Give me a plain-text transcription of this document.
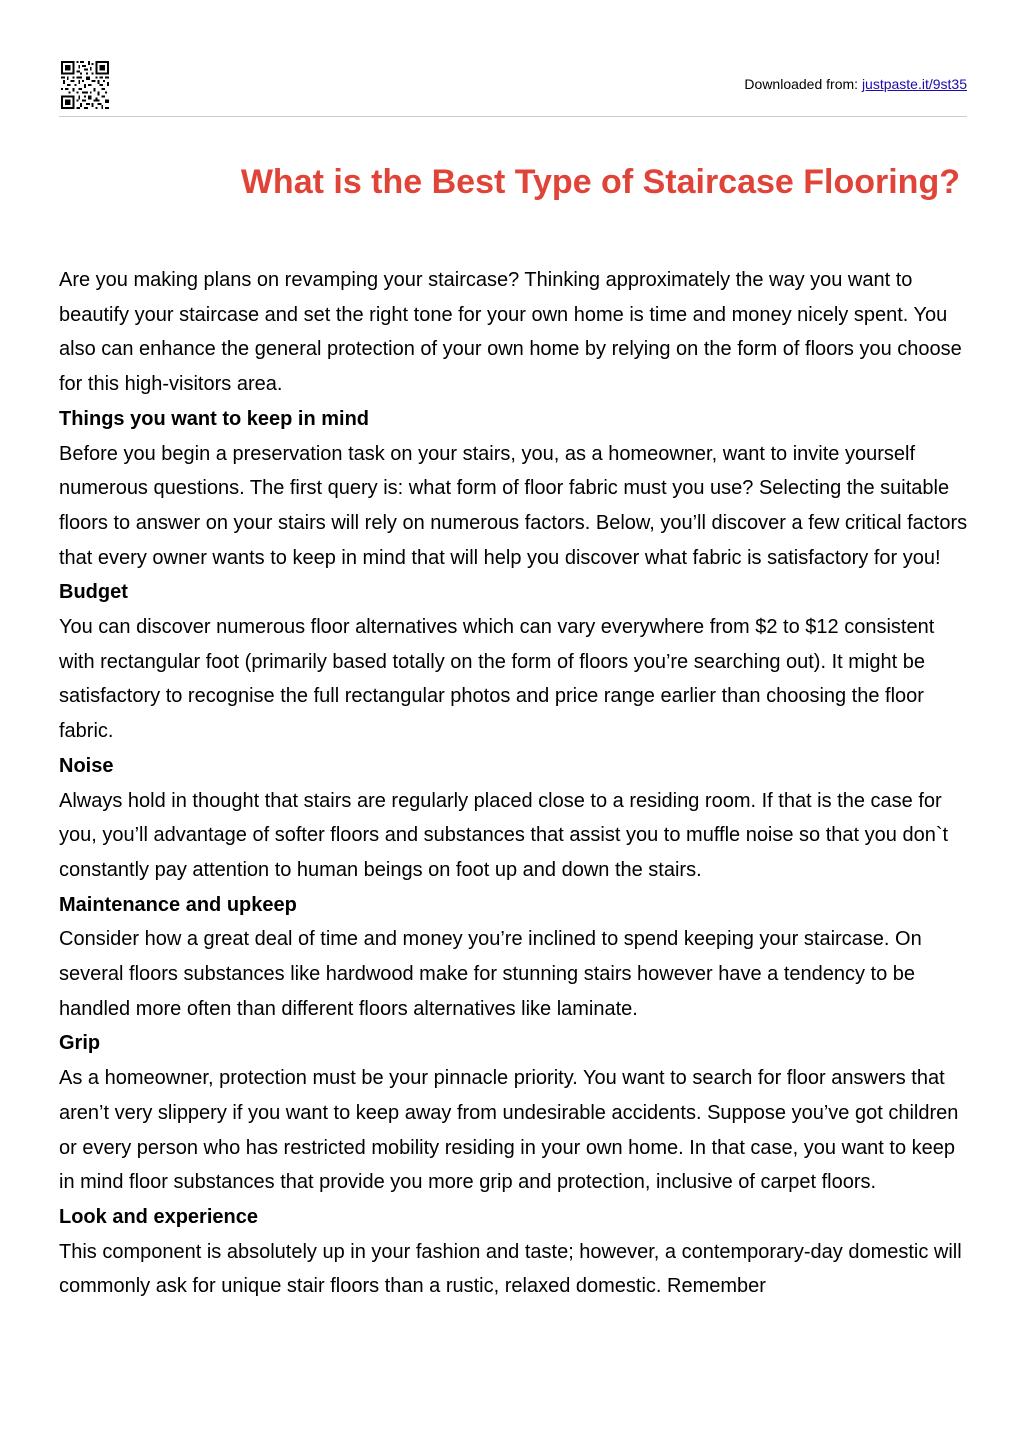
Downloaded from: justpaste.it/9st35
What is the Best Type of Staircase Flooring?

Are you making plans on revamping your staircase? Thinking approximately the way you want to beautify your staircase and set the right tone for your own home is time and money nicely spent. You also can enhance the general protection of your own home by relying on the form of floors you choose for this high-visitors area.

Things you want to keep in mind

Before you begin a preservation task on your stairs, you, as a homeowner, want to invite yourself numerous questions. The first query is: what form of floor fabric must you use? Selecting the suitable floors to answer on your stairs will rely on numerous factors. Below, you’ll discover a few critical factors that every owner wants to keep in mind that will help you discover what fabric is satisfactory for you!

Budget

You can discover numerous floor alternatives which can vary everywhere from $2 to $12 consistent with rectangular foot (primarily based totally on the form of floors you’re searching out). It might be satisfactory to recognise the full rectangular photos and price range earlier than choosing the floor fabric.

Noise

Always hold in thought that stairs are regularly placed close to a residing room. If that is the case for you, you’ll advantage of softer floors and substances that assist you to muffle noise so that you don`t constantly pay attention to human beings on foot up and down the stairs.

Maintenance and upkeep

Consider how a great deal of time and money you’re inclined to spend keeping your staircase. On several floors substances like hardwood make for stunning stairs however have a tendency to be handled more often than different floors alternatives like laminate.

Grip

As a homeowner, protection must be your pinnacle priority. You want to search for floor answers that aren’t very slippery if you want to keep away from undesirable accidents. Suppose you’ve got children or every person who has restricted mobility residing in your own home. In that case, you want to keep in mind floor substances that provide you more grip and protection, inclusive of carpet floors.

Look and experience

This component is absolutely up in your fashion and taste; however, a contemporary-day domestic will commonly ask for unique stair floors than a rustic, relaxed domestic. Remember
